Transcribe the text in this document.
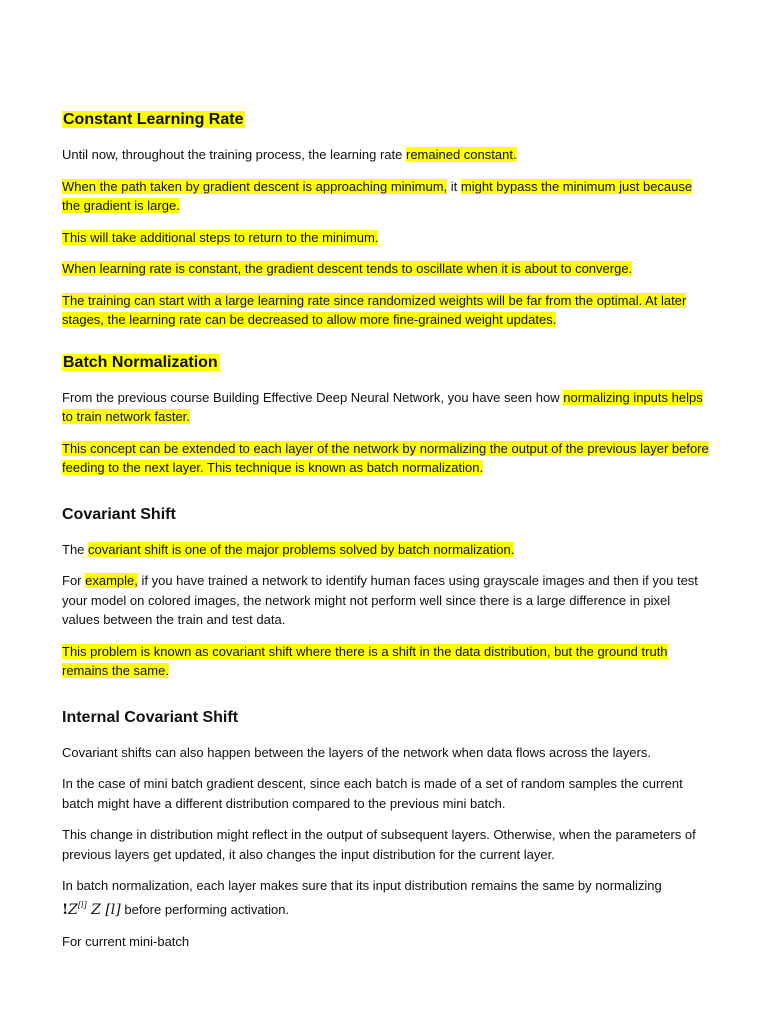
Constant Learning Rate

Until now, throughout the training process, the learning rate remained constant.

When the path taken by gradient descent is approaching minimum, it might bypass the minimum just because the gradient is large.

This will take additional steps to return to the minimum.

When learning rate is constant, the gradient descent tends to oscillate when it is about to converge.

The training can start with a large learning rate since randomized weights will be far from the optimal. At later stages, the learning rate can be decreased to allow more fine-grained weight updates.

Batch Normalization

From the previous course Building Effective Deep Neural Network, you have seen how normalizing inputs helps to train network faster.

This concept can be extended to each layer of the network by normalizing the output of the previous layer before feeding to the next layer. This technique is known as batch normalization.

Covariant Shift

The covariant shift is one of the major problems solved by batch normalization.

For example, if you have trained a network to identify human faces using grayscale images and then if you test your model on colored images, the network might not perform well since there is a large difference in pixel values between the train and test data.

This problem is known as covariant shift where there is a shift in the data distribution, but the ground truth remains the same.

Internal Covariant Shift

Covariant shifts can also happen between the layers of the network when data flows across the layers.

In the case of mini batch gradient descent, since each batch is made of a set of random samples the current batch might have a different distribution compared to the previous mini batch.

This change in distribution might reflect in the output of subsequent layers. Otherwise, when the parameters of previous layers get updated, it also changes the input distribution for the current layer.

In batch normalization, each layer makes sure that its input distribution remains the same by normalizing
!Z[l] Z [l] before performing activation.

For current mini-batch
